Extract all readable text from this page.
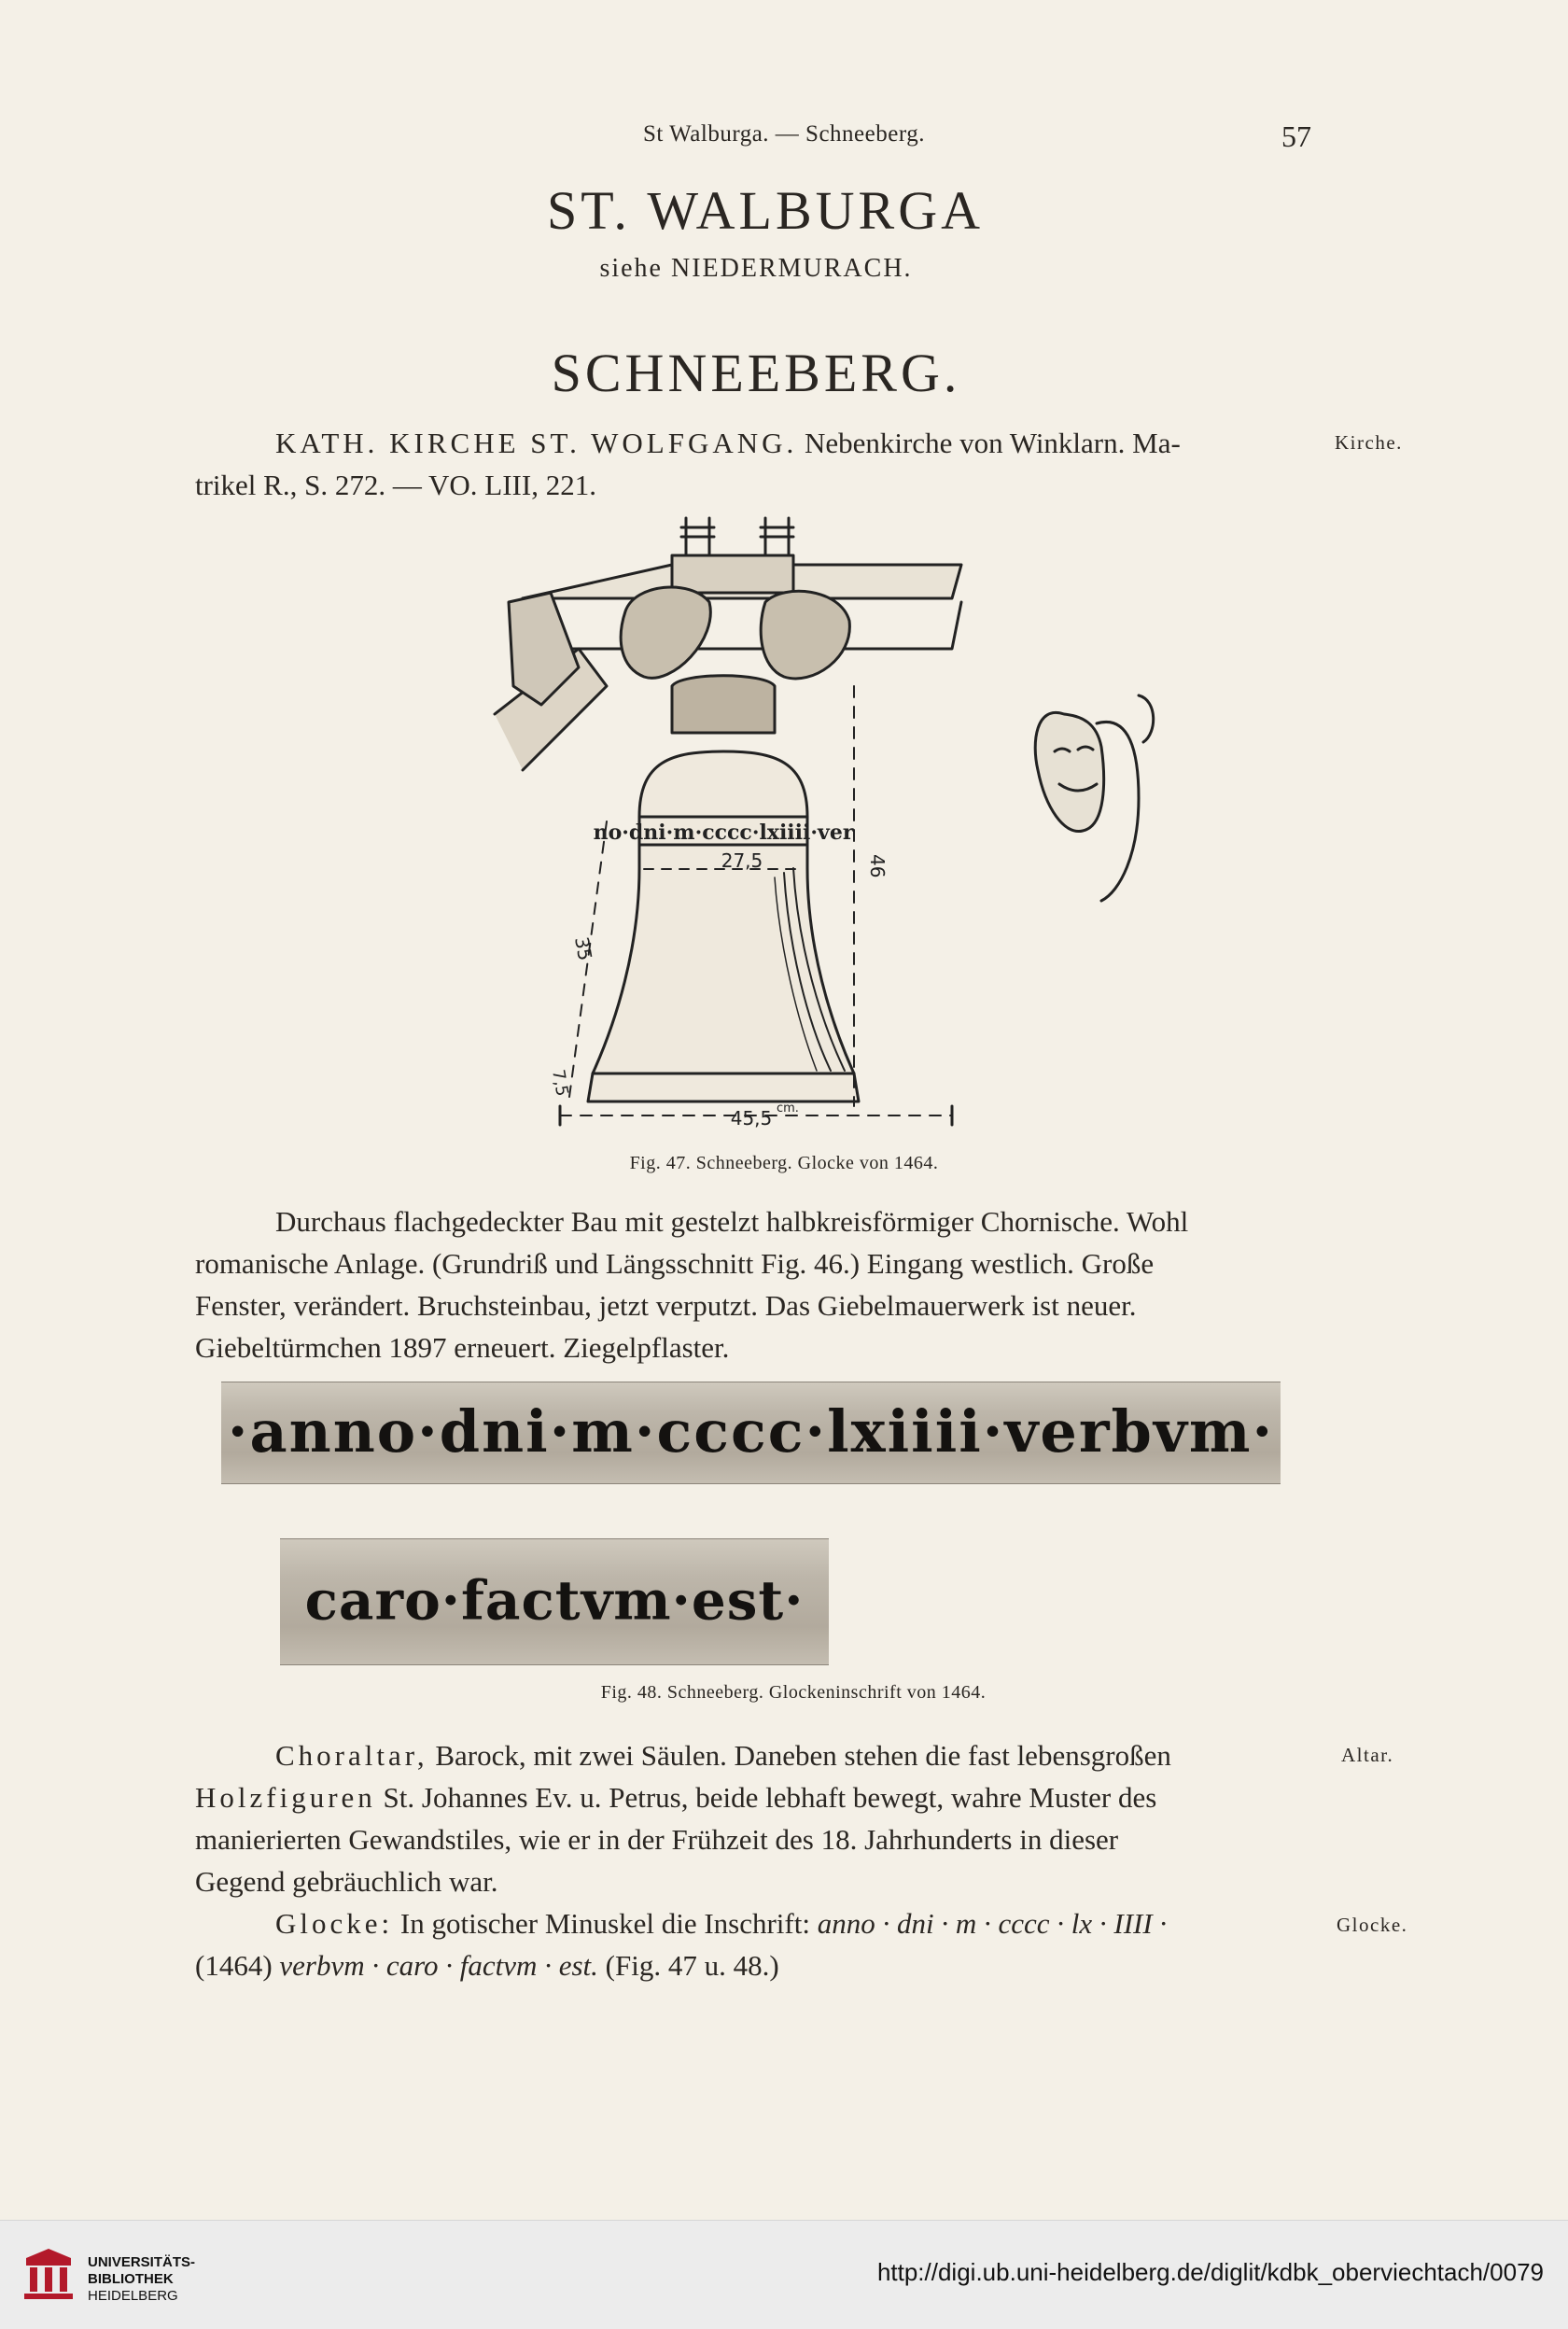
St Walburga. — Schneeberg.	57
ST. WALBURGA
siehe NIEDERMURACH.
SCHNEEBERG.
KATH. KIRCHE ST. WOLFGANG. Nebenkirche von Winklarn. Ma-
trikel R., S. 272. — VO. LIII, 221.
Kirche.
no·dni·m·cccc·lxiiii·ver
27,5	46
35
7,5
45,5 cm.
Fig. 47. Schneeberg. Glocke von 1464.
Durchaus flachgedeckter Bau mit gestelzt halbkreisförmiger Chornische. Wohl
romanische Anlage. (Grundriß und Längsschnitt Fig. 46.) Eingang westlich. Große
Fenster, verändert. Bruchsteinbau, jetzt verputzt. Das Giebelmauerwerk ist neuer.
Giebeltürmchen 1897 erneuert. Ziegelpflaster.
·anno·dni·m·cccc·lxiiii·verbvm·
caro·factvm·est·
Fig. 48. Schneeberg. Glockeninschrift von 1464.
Choraltar, Barock, mit zwei Säulen. Daneben stehen die fast lebensgroßen
Holzfiguren St. Johannes Ev. u. Petrus, beide lebhaft bewegt, wahre Muster des
manierierten Gewandstiles, wie er in der Frühzeit des 18. Jahrhunderts in dieser
Gegend gebräuchlich war.
Altar.
Glocke: In gotischer Minuskel die Inschrift: anno · dni · m · cccc · lx · IIII ·
(1464) verbvm · caro · factvm · est. (Fig. 47 u. 48.)
Glocke.
UNIVERSITÄTS-
BIBLIOTHEK
HEIDELBERG
http://digi.ub.uni-heidelberg.de/diglit/kdbk_oberviechtach/0079
